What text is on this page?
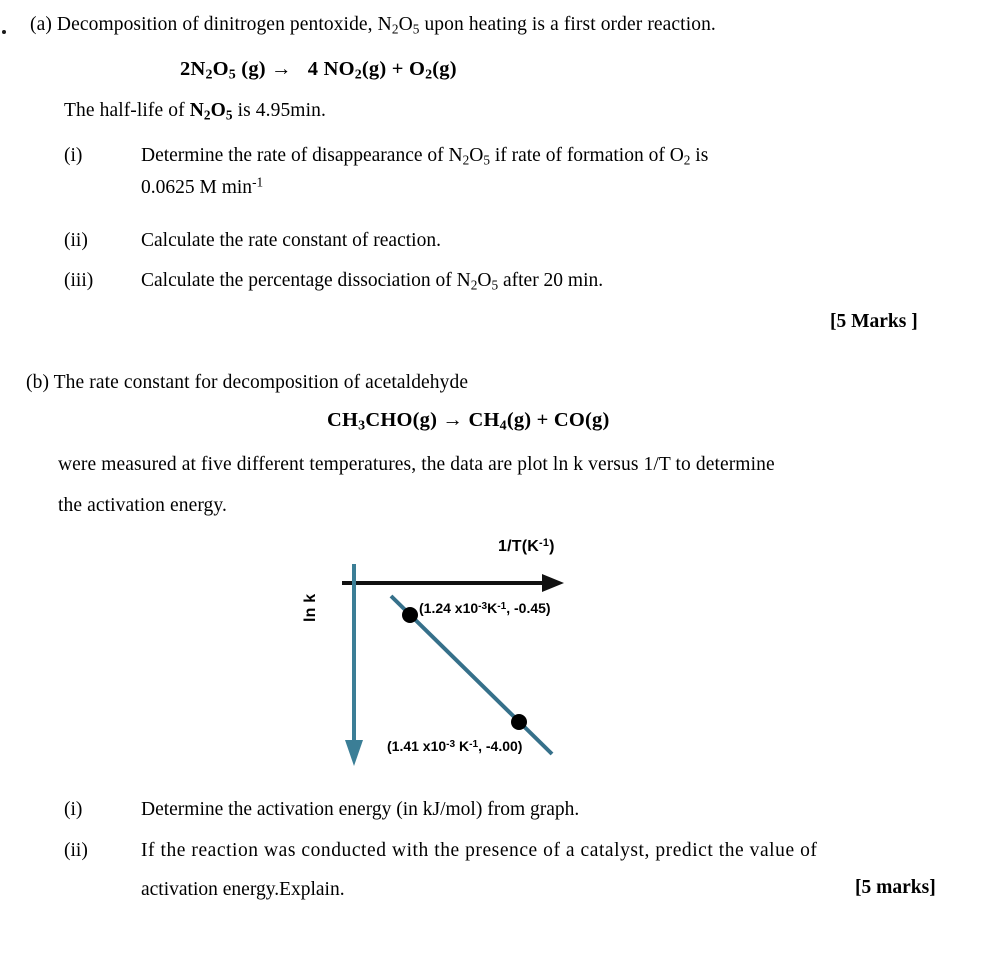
(a) Decomposition of dinitrogen pentoxide, $N_2O_5$ upon heating is a first order reaction.
$2N_2O_5$ (g) →   4 $NO_2(g) + O_2(g)$
The half-life of $N_2O_5$ is 4.95min.
(i)	Determine the rate of disappearance of $N_2O_5$ if rate of formation of $O_2$ is
0.0625 M $\min^{-1}$
(ii)	Calculate the rate constant of reaction.
(iii)	Calculate the percentage dissociation of $N_2O_5$ after 20 min.
[5 Marks ]
(b) The rate constant for decomposition of acetaldehyde
$CH_3CHO(g) \to CH_4(g) + CO(g)$
were measured at five different temperatures, the data are plot ln k versus 1/T to determine
the activation energy.
$1/T(K^{-1})$
ln k	(1.24 $x10^{-3}K^{-1}$, -0.45)
(1.41 $x10^{-3}$ $K^{-1}$, -4.00)
(i)	Determine the activation energy (in kJ/mol) from graph.
(ii)	If the reaction was conducted with the presence of a catalyst, predict the value of
activation energy.Explain.	[5 marks]
